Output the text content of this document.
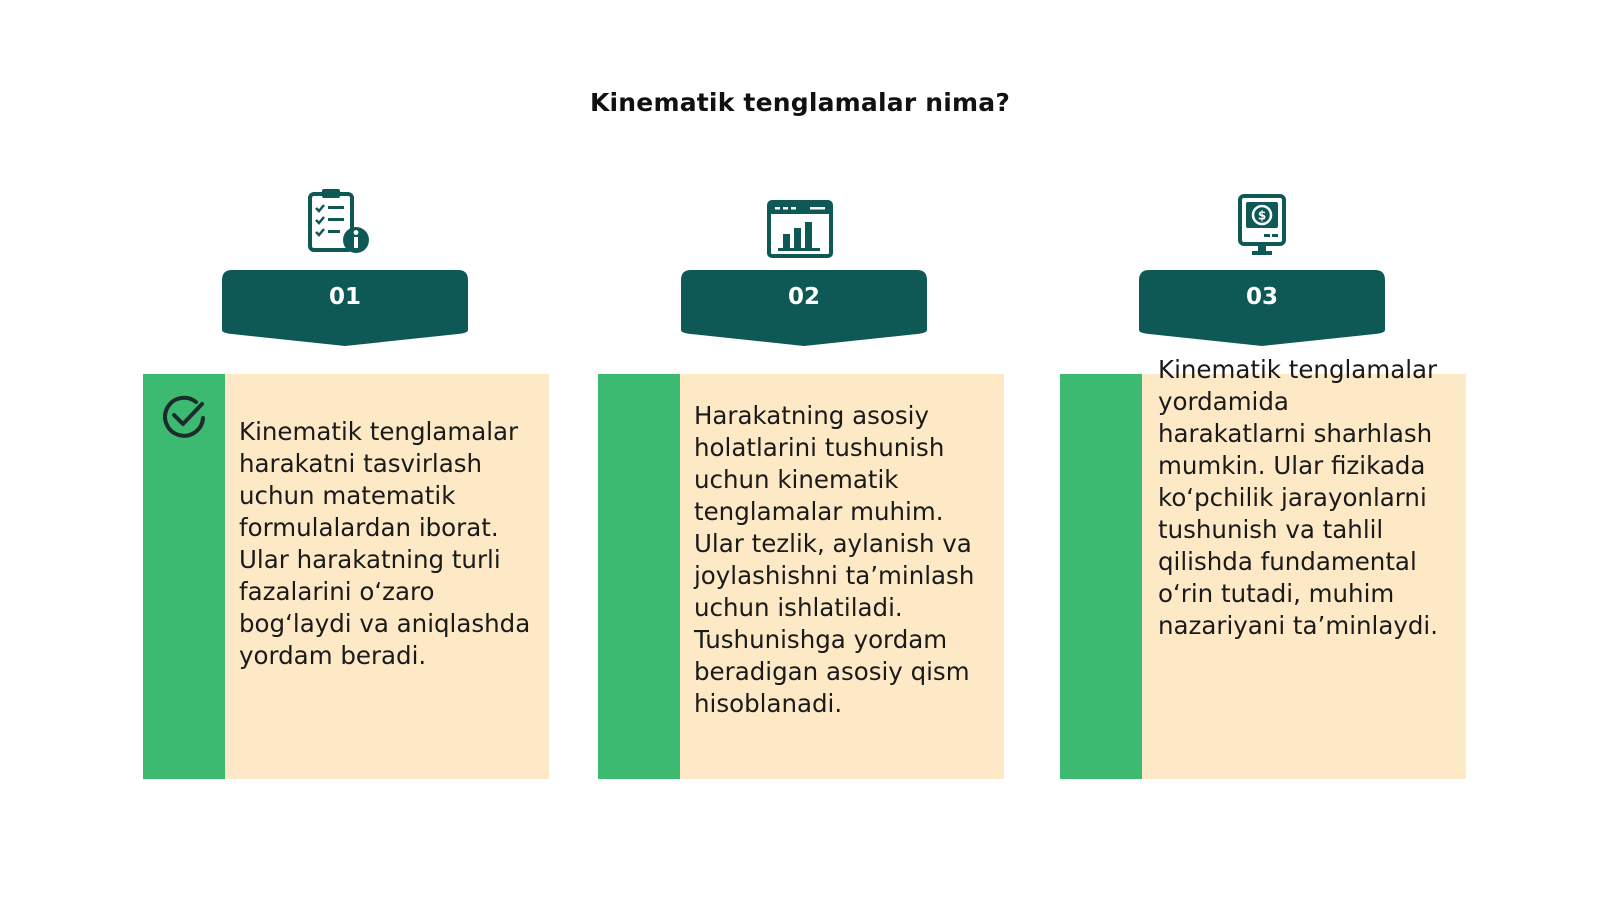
Kinematik tenglamalar nima?
01
Kinematik tenglamalar harakatni tasvirlash uchun matematik formulalardan iborat. Ular harakatning turli fazalarini o‘zaro bog‘laydi va aniqlashda yordam beradi.
02
Harakatning asosiy holatlarini tushunish uchun kinematik tenglamalar muhim. Ular tezlik, aylanish va joylashishni ta’minlash uchun ishlatiladi. Tushunishga yordam beradigan asosiy qism hisoblanadi.
$
03
Kinematik tenglamalar yordamida harakatlarni sharhlash mumkin. Ular fizikada ko‘pchilik jarayonlarni tushunish va tahlil qilishda fundamental o‘rin tutadi, muhim nazariyani ta’minlaydi.
